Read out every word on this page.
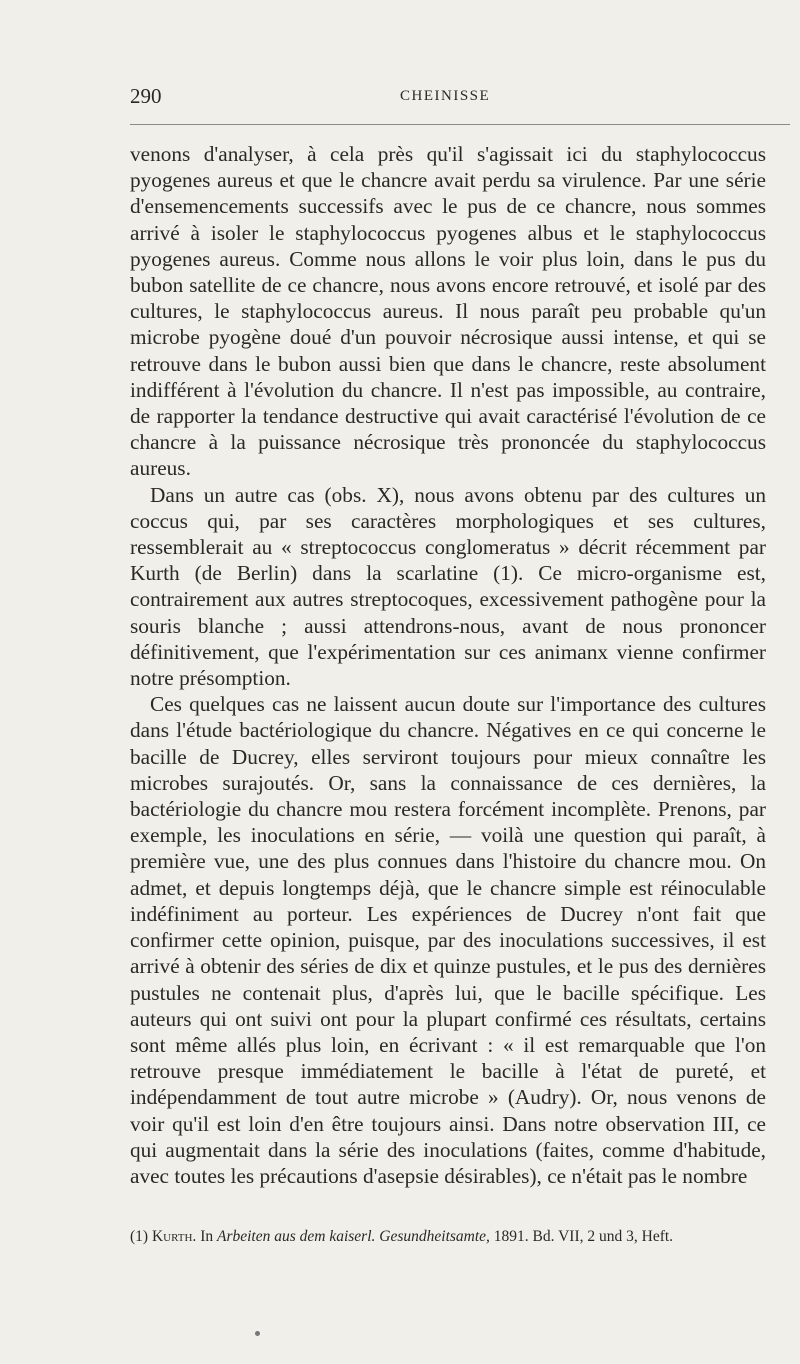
290	CHEINISSE

venons d'analyser, à cela près qu'il s'agissait ici du staphylococcus pyogenes aureus et que le chancre avait perdu sa virulence. Par une série d'ensemencements successifs avec le pus de ce chancre, nous sommes arrivé à isoler le staphylococcus pyogenes albus et le staphylococcus pyogenes aureus. Comme nous allons le voir plus loin, dans le pus du bubon satellite de ce chancre, nous avons encore retrouvé, et isolé par des cultures, le staphylococcus aureus. Il nous paraît peu probable qu'un microbe pyogène doué d'un pouvoir nécrosique aussi intense, et qui se retrouve dans le bubon aussi bien que dans le chancre, reste absolument indifférent à l'évolution du chancre. Il n'est pas impossible, au contraire, de rapporter la tendance destructive qui avait caractérisé l'évolution de ce chancre à la puissance nécrosique très prononcée du staphylococcus aureus.

Dans un autre cas (obs. X), nous avons obtenu par des cultures un coccus qui, par ses caractères morphologiques et ses cultures, ressemblerait au « streptococcus conglomeratus » décrit récemment par Kurth (de Berlin) dans la scarlatine (1). Ce micro-organisme est, contrairement aux autres streptocoques, excessivement pathogène pour la souris blanche ; aussi attendrons-nous, avant de nous prononcer définitivement, que l'expérimentation sur ces animanx vienne confirmer notre présomption.

Ces quelques cas ne laissent aucun doute sur l'importance des cultures dans l'étude bactériologique du chancre. Négatives en ce qui concerne le bacille de Ducrey, elles serviront toujours pour mieux connaître les microbes surajoutés. Or, sans la connaissance de ces dernières, la bactériologie du chancre mou restera forcément incomplète. Prenons, par exemple, les inoculations en série, — voilà une question qui paraît, à première vue, une des plus connues dans l'histoire du chancre mou. On admet, et depuis longtemps déjà, que le chancre simple est réinoculable indéfiniment au porteur. Les expériences de Ducrey n'ont fait que confirmer cette opinion, puisque, par des inoculations successives, il est arrivé à obtenir des séries de dix et quinze pustules, et le pus des dernières pustules ne contenait plus, d'après lui, que le bacille spécifique. Les auteurs qui ont suivi ont pour la plupart confirmé ces résultats, certains sont même allés plus loin, en écrivant : « il est remarquable que l'on retrouve presque immédiatement le bacille à l'état de pureté, et indépendamment de tout autre microbe » (Audry). Or, nous venons de voir qu'il est loin d'en être toujours ainsi. Dans notre observation III, ce qui augmentait dans la série des inoculations (faites, comme d'habitude, avec toutes les précautions d'asepsie désirables), ce n'était pas le nombre

(1) Kurth. In Arbeiten aus dem kaiserl. Gesundheitsamte, 1891. Bd. VII, 2 und 3, Heft.
